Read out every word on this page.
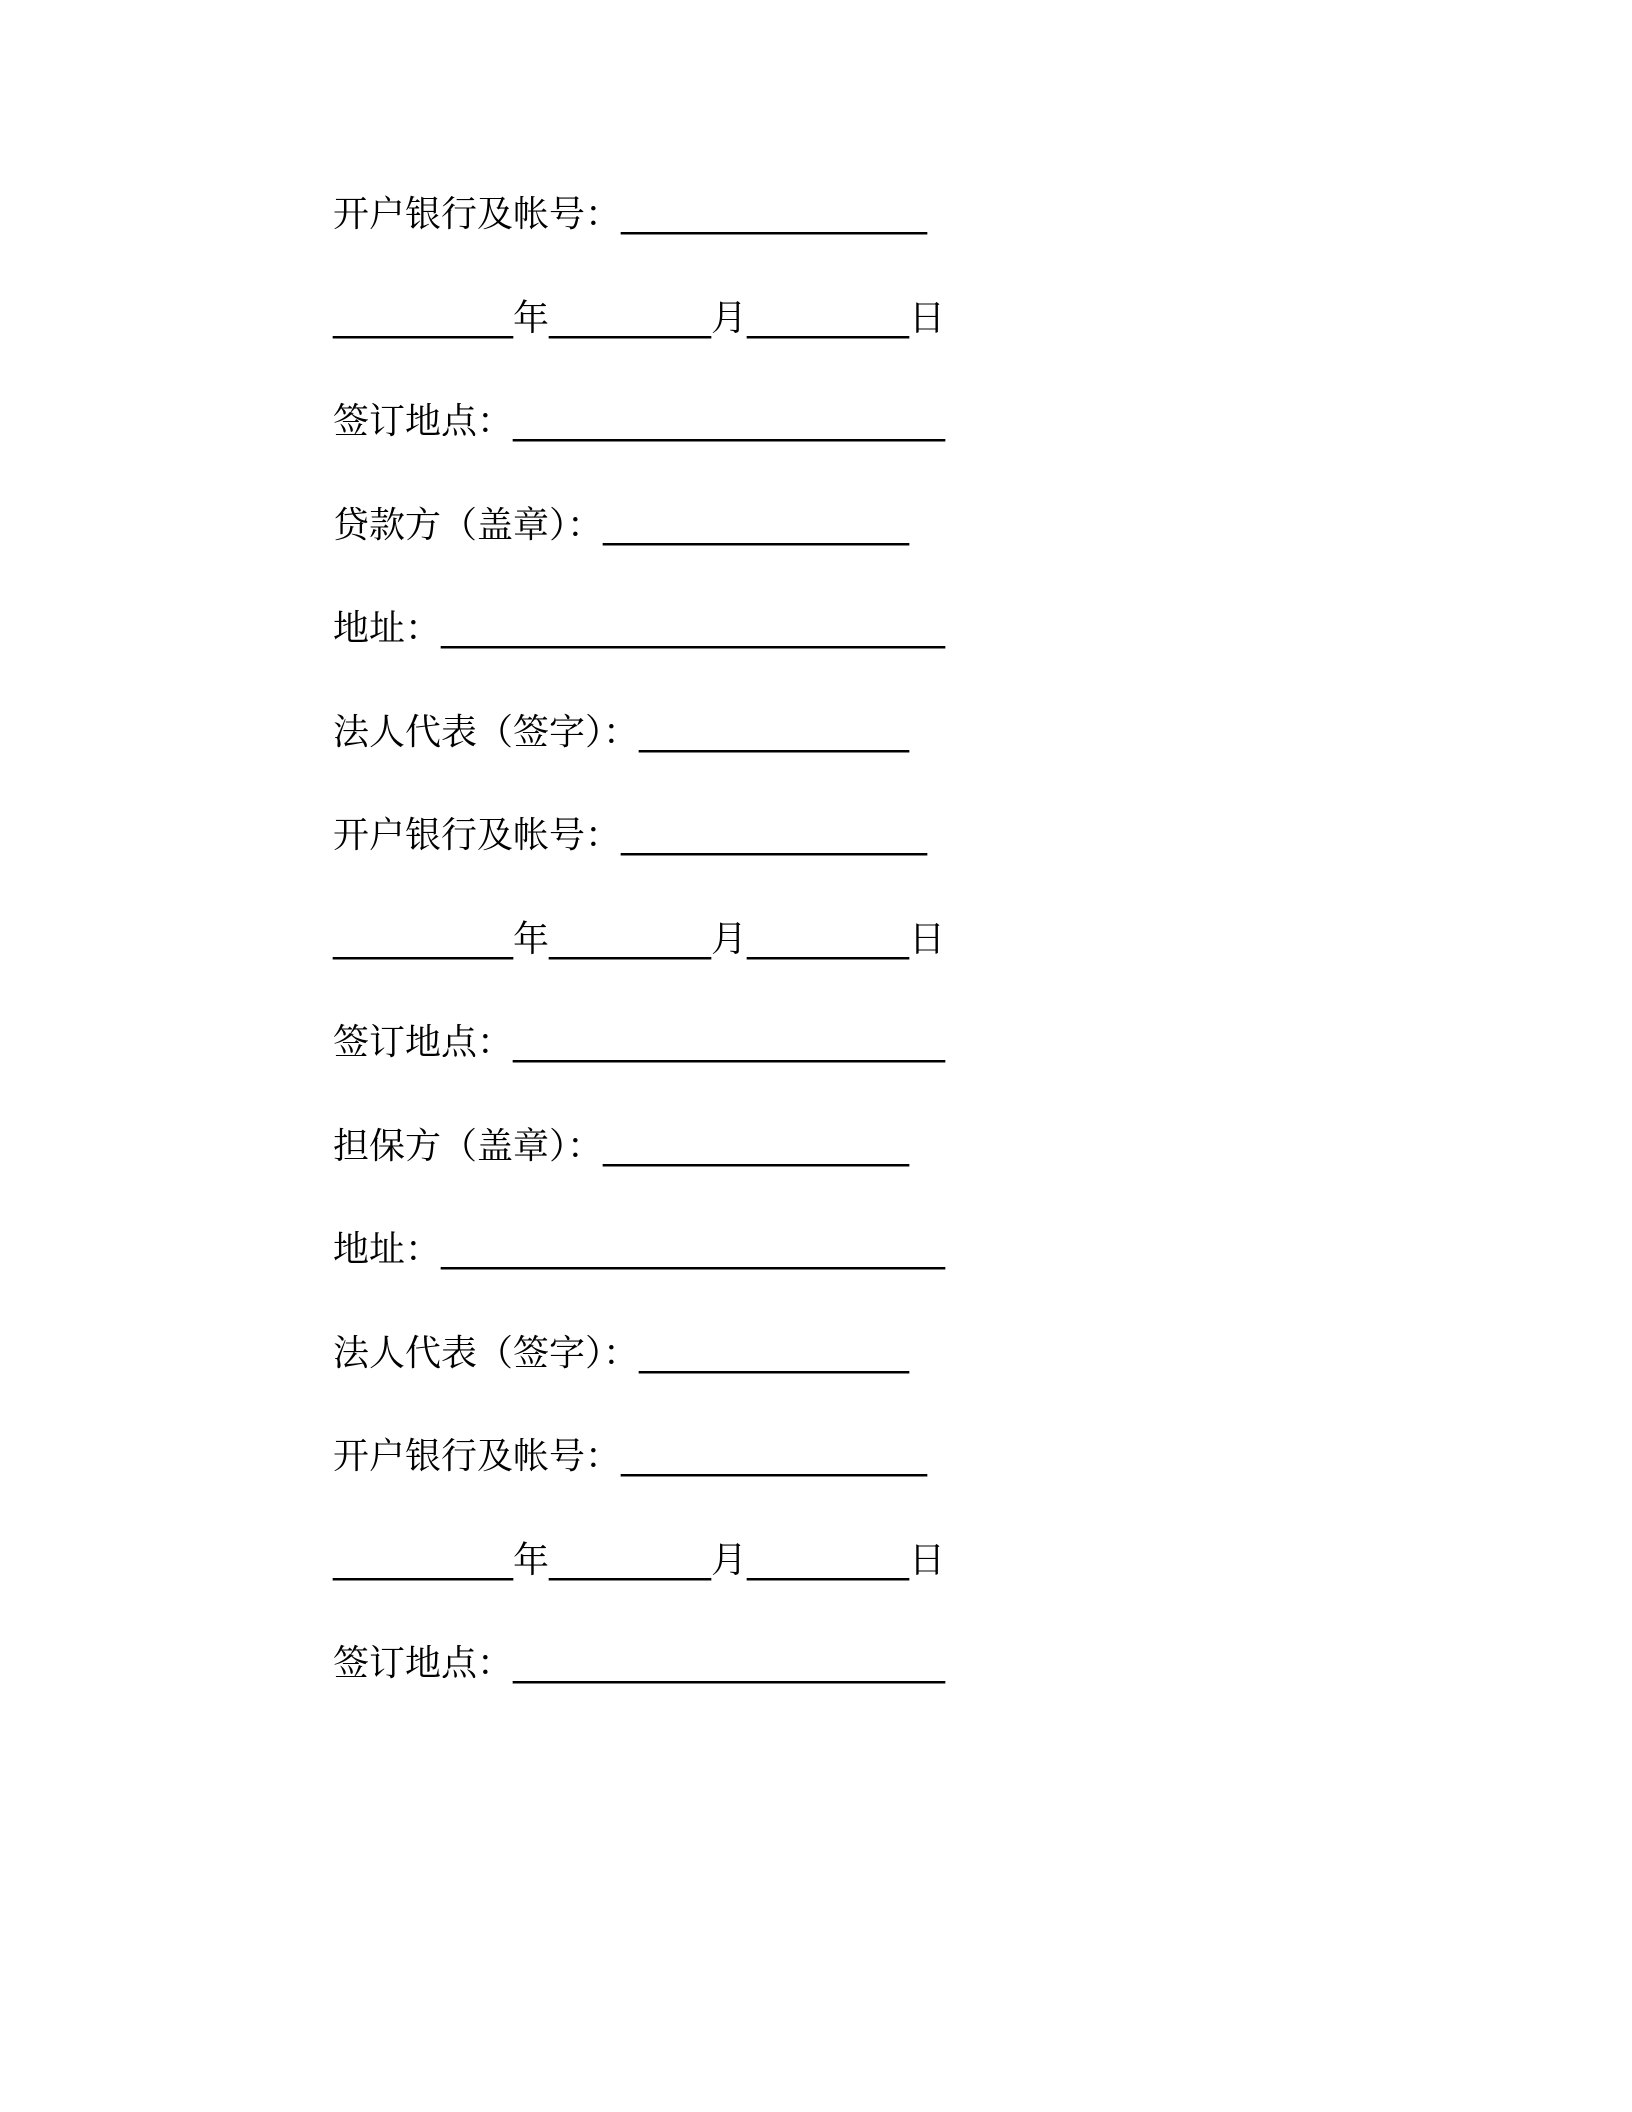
开户银行及帐号：_________________
__________年_________月_________日
签订地点：________________________
贷款方（盖章）：_________________
地址：____________________________
法人代表（签字）：_______________
开户银行及帐号：_________________
__________年_________月_________日
签订地点：________________________
担保方（盖章）：_________________
地址：____________________________
法人代表（签字）：_______________
开户银行及帐号：_________________
__________年_________月_________日
签订地点：________________________
